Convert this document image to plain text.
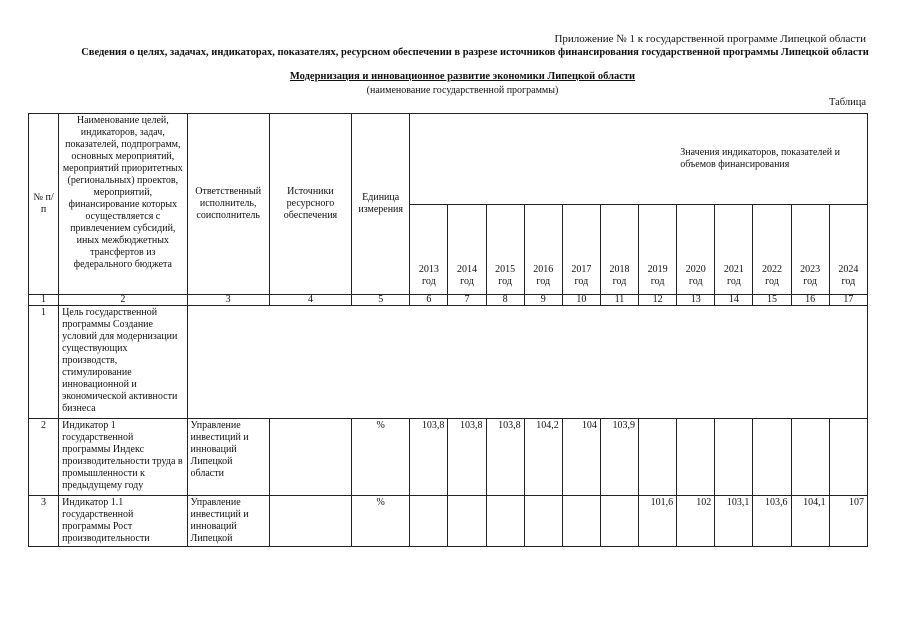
Приложение № 1 к государственной программе Липецкой области
Сведения о целях, задачах, индикаторах, показателях, ресурсном обеспечении в разрезе источников финансирования государственной программы Липецкой области
Модернизация и инновационное развитие экономики Липецкой области
(наименование государственной программы)
Таблица
№ п/п	Наименование целей, индикаторов, задач, показателей, подпрограмм, основных мероприятий, мероприятий приоритетных (региональных) проектов, мероприятий, финансирование которых осуществляется с привлечением субсидий, иных межбюджетных трансфертов из федерального бюджета	Ответственный исполнитель, соисполнитель	Источники ресурсного обеспечения	Единица измерения	Значения индикаторов, показателей и объемов финансирования											
					2013 год	2014 год	2015 год	2016 год	2017 год	2018 год	2019 год	2020 год	2021 год	2022 год	2023 год	2024 год
1	2	3	4	5	6	7	8	9	10	11	12	13	14	15	16	17
1	Цель государственной программы Создание условий для модернизации существующих производств, стимулирование инновационной и экономической активности бизнеса															
2	Индикатор 1 государственной программы Индекс производительности труда в промышленности к предыдущему году	Управление инвестиций и инноваций Липецкой области		%	103,8	103,8	103,8	104,2	104	103,9						
3	Индикатор 1.1 государственной программы Рост производительности	Управление инвестиций и инноваций Липецкой		%							101,6	102	103,1	103,6	104,1	107
